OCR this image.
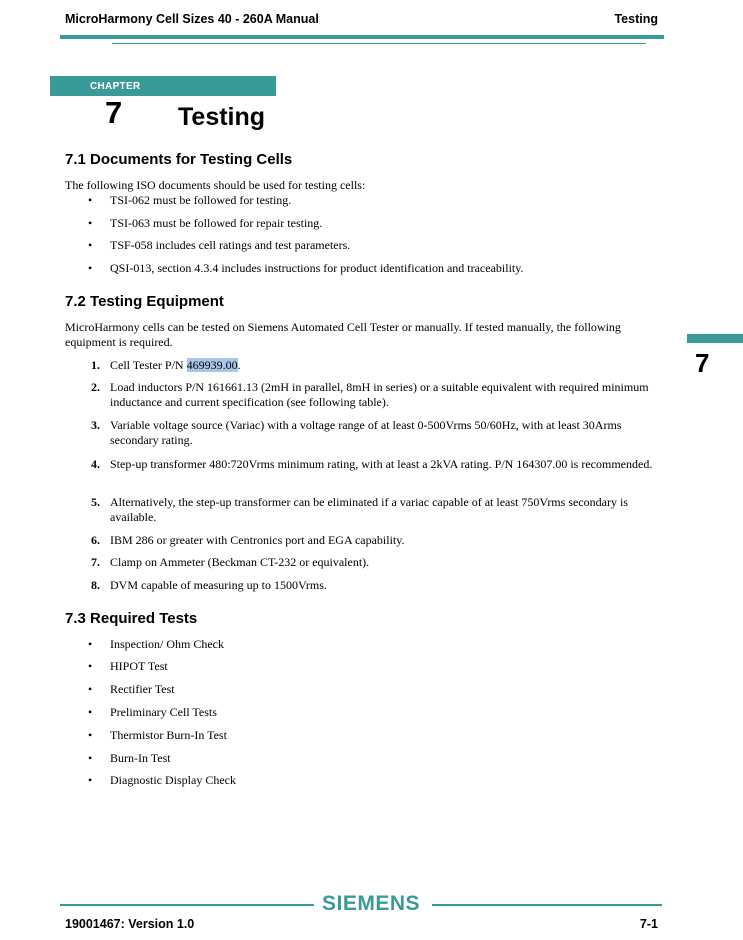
MicroHarmony Cell Sizes 40 - 260A Manual	Testing
CHAPTER
7 Testing
7
7.1 Documents for Testing Cells
The following ISO documents should be used for testing cells:
• TSI-062 must be followed for testing.
• TSI-063 must be followed for repair testing.
• TSF-058 includes cell ratings and test parameters.
• QSI-013, section 4.3.4 includes instructions for product identification and traceability.
7.2 Testing Equipment
MicroHarmony cells can be tested on Siemens Automated Cell Tester or manually. If tested manually, the following equipment is required.
1. Cell Tester P/N 469939.00.
2. Load inductors P/N 161661.13 (2mH in parallel, 8mH in series) or a suitable equivalent with required minimum inductance and current specification (see following table).
3. Variable voltage source (Variac) with a voltage range of at least 0-500Vrms 50/60Hz, with at least 30Arms secondary rating.
4. Step-up transformer 480:720Vrms minimum rating, with at least a 2kVA rating. P/N 164307.00 is recommended.
5. Alternatively, the step-up transformer can be eliminated if a variac capable of at least 750Vrms secondary is available.
6. IBM 286 or greater with Centronics port and EGA capability.
7. Clamp on Ammeter (Beckman CT-232 or equivalent).
8. DVM capable of measuring up to 1500Vrms.
7.3 Required Tests
• Inspection/ Ohm Check
• HIPOT Test
• Rectifier Test
• Preliminary Cell Tests
• Thermistor Burn-In Test
• Burn-In Test
• Diagnostic Display Check
SIEMENS
19001467: Version 1.0	7-1
